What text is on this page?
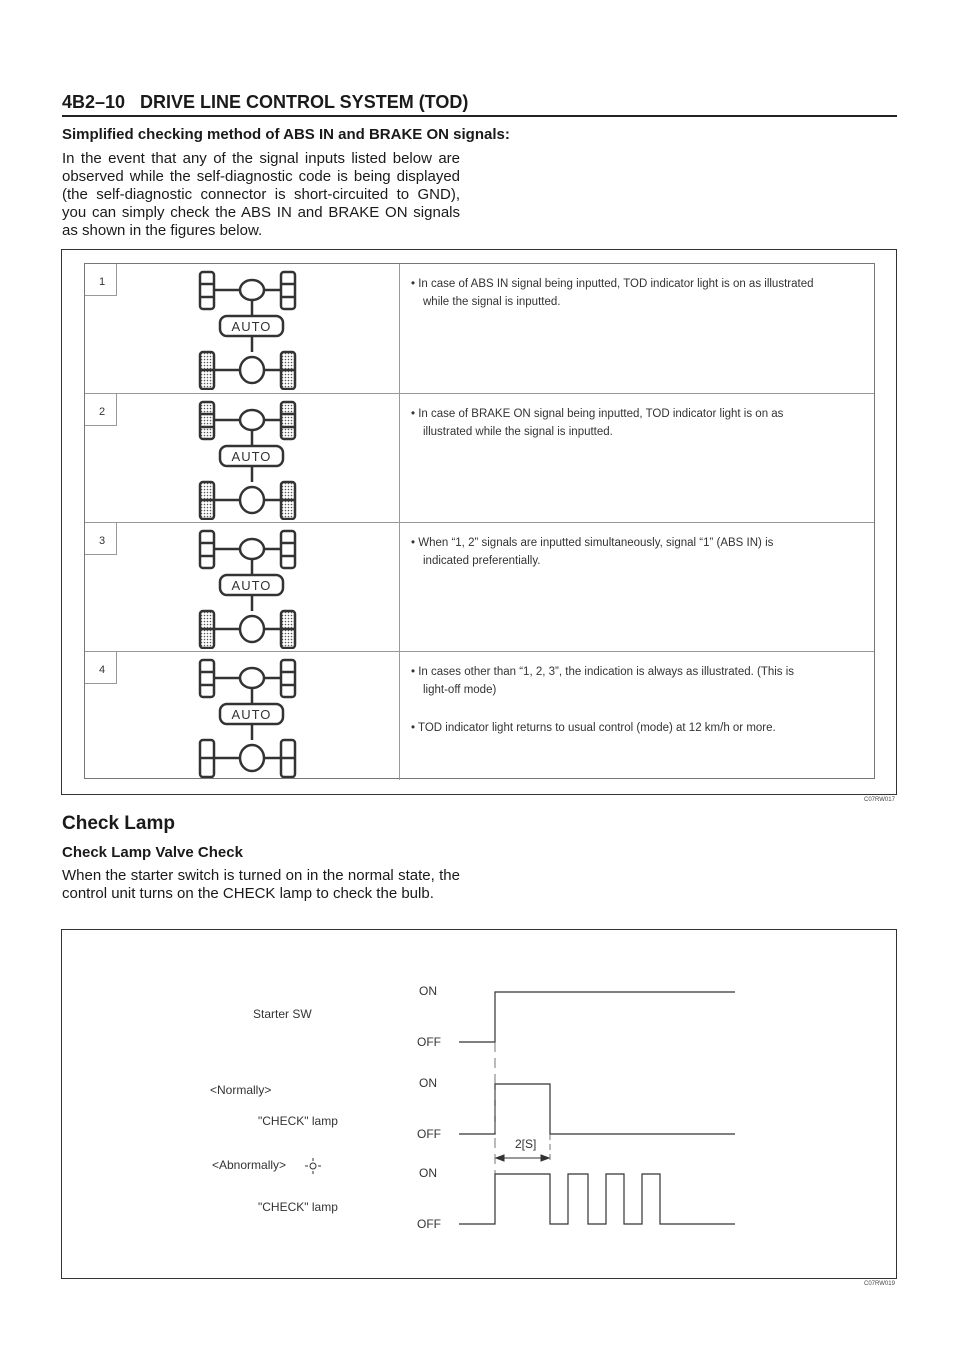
4B2–10 DRIVE LINE CONTROL SYSTEM (TOD)
Simplified checking method of ABS IN and BRAKE ON signals:
In the event that any of the signal inputs listed below are observed while the self-diagnostic code is being displayed (the self-diagnostic connector is short-circuited to GND), you can simply check the ABS IN and BRAKE ON signals as shown in the figures below.
1
AUTO
• In case of ABS IN signal being inputted, TOD indicator light is on as illustrated
while the signal is inputted.
2
AUTO
• In case of BRAKE ON signal being inputted, TOD indicator light is on as
illustrated while the signal is inputted.
3
AUTO
• When “1, 2” signals are inputted simultaneously, signal “1” (ABS IN) is
indicated preferentially.
4
AUTO
• In cases other than “1, 2, 3”, the indication is always as illustrated. (This is
light-off mode)
• TOD indicator light returns to usual control (mode) at 12 km/h or more.
C07RW017
Check Lamp
Check Lamp Valve Check
When the starter switch is turned on in the normal state, the control unit turns on the CHECK lamp to check the bulb.
Starter SW
<Normally>
"CHECK" lamp
<Abnormally>
"CHECK" lamp
ON
OFF
ON
OFF
ON
OFF
2[S]
C07RW019
